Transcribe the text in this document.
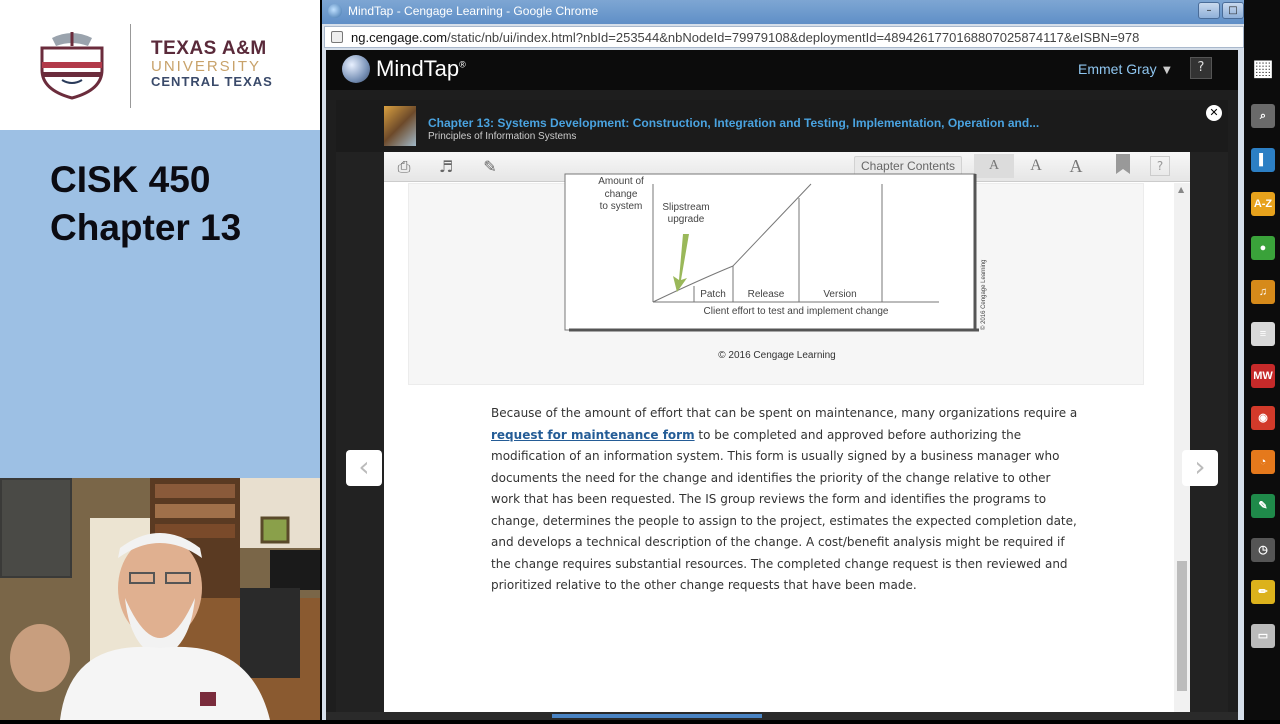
TEXAS A&M
UNIVERSITY
CENTRAL TEXAS
CISK 450
Chapter 13
MindTap - Cengage Learning - Google Chrome	–	□
ng.cengage.com/static/nb/ui/index.html?nbId=253544&nbNodeId=79979108&deploymentId=4894261770168807025874117&eISBN=978
MindTap®	Emmet Gray ▼	?
Chapter 13: Systems Development: Construction, Integration and Testing, Implementation, Operation and...
Principles of Information Systems
✕
⎙	♬	✎	Chapter Contents	A	A	A	?
Amount of
change
to system Slipstream
upgrade
Patch Release	Version
Client effort to test and implement change	© 2016 Cengage Learning
© 2016 Cengage Learning
Because of the amount of effort that can be spent on maintenance, many organizations require a request for maintenance form to be completed and approved before authorizing the modification of an information system. This form is usually signed by a business manager who documents the need for the change and identifies the priority of the change relative to other work that has been requested. The IS group reviews the form and identifies the programs to change, determines the people to assign to the project, estimates the expected completion date, and develops a technical description of the change. A cost/benefit analysis might be required if the change requires substantial resources. The completed change request is then reviewed and prioritized relative to the other change requests that have been made.
▲
‹	›
▦
⌕
▌
A-Z
●
♫
≡
MW
◉
◔
✎
◷
✏
▭
